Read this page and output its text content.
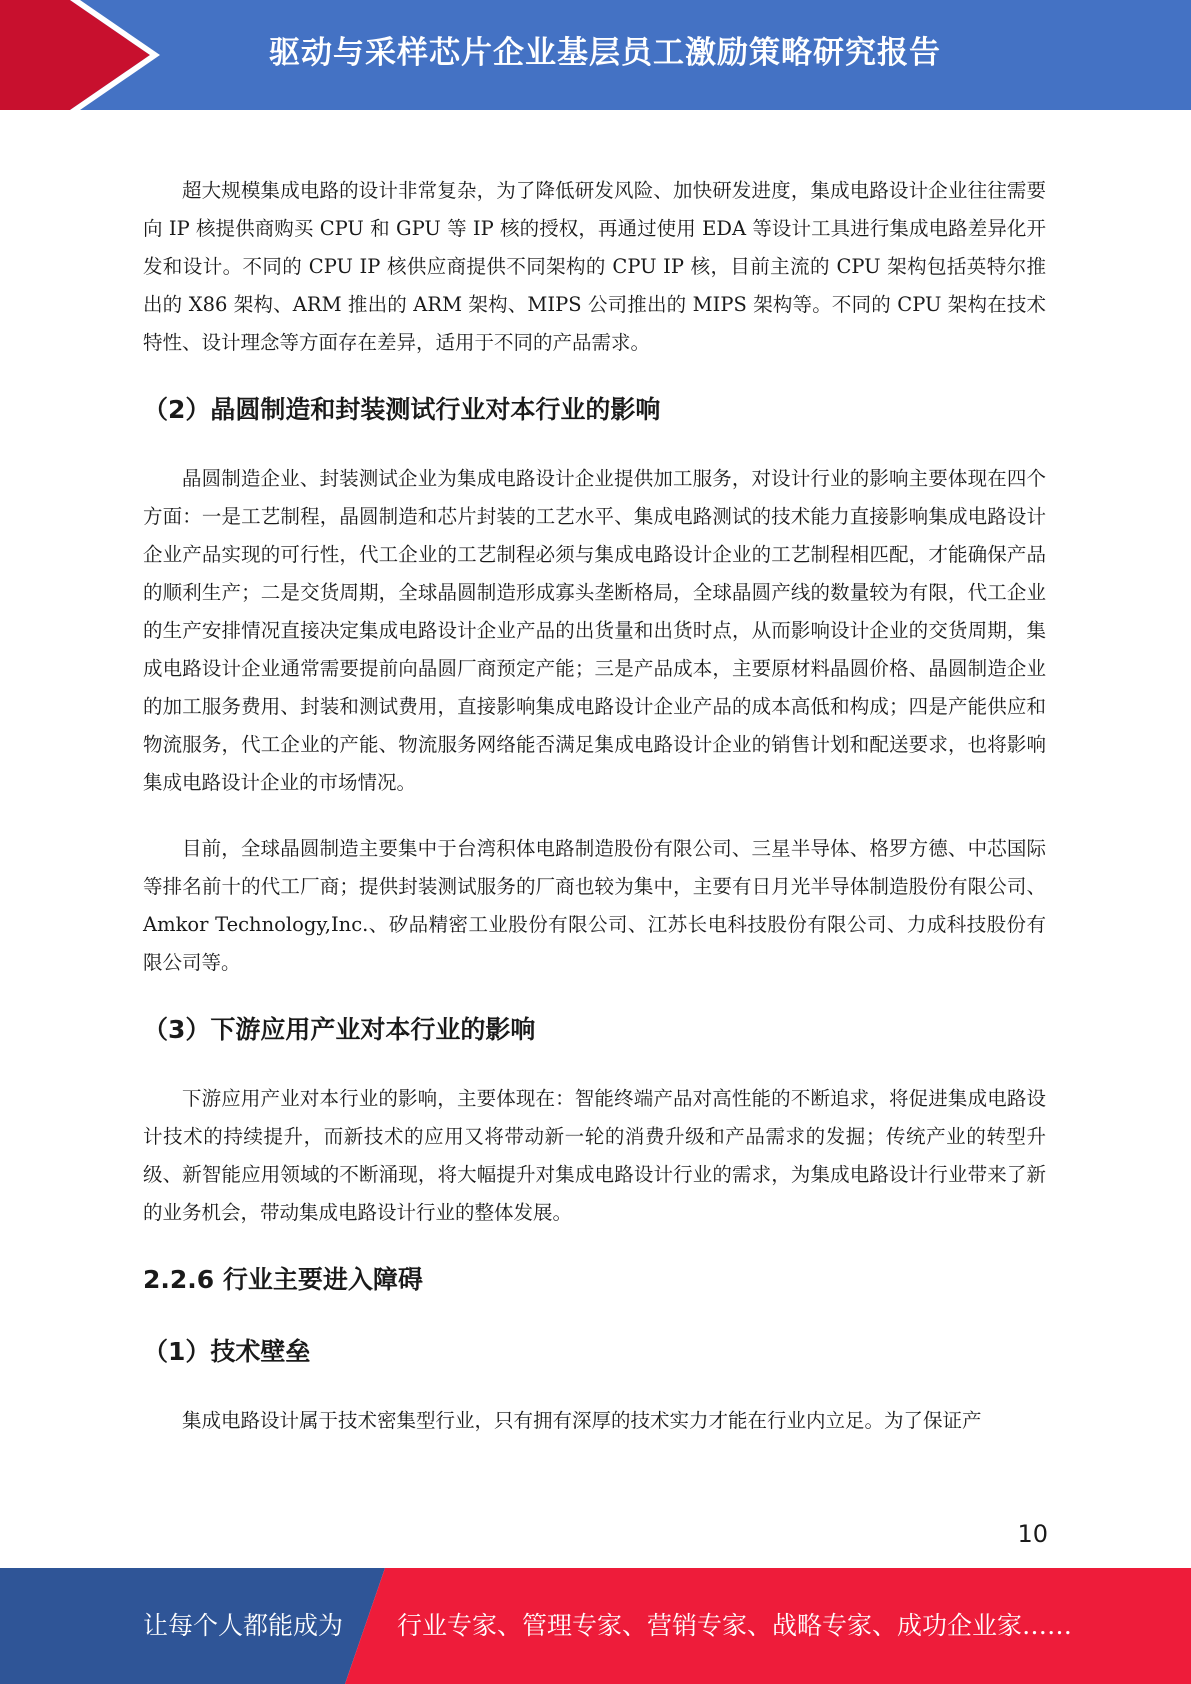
驱动与采样芯片企业基层员工激励策略研究报告

超大规模集成电路的设计非常复杂，为了降低研发风险、加快研发进度，集成电路设计企业往往需要向 IP 核提供商购买 CPU 和 GPU 等 IP 核的授权，再通过使用 EDA 等设计工具进行集成电路差异化开发和设计。不同的 CPU IP 核供应商提供不同架构的 CPU IP 核，目前主流的 CPU 架构包括英特尔推出的 X86 架构、ARM 推出的 ARM 架构、MIPS 公司推出的 MIPS 架构等。不同的 CPU 架构在技术特性、设计理念等方面存在差异，适用于不同的产品需求。

（2）晶圆制造和封装测试行业对本行业的影响

晶圆制造企业、封装测试企业为集成电路设计企业提供加工服务，对设计行业的影响主要体现在四个方面：一是工艺制程，晶圆制造和芯片封装的工艺水平、集成电路测试的技术能力直接影响集成电路设计企业产品实现的可行性，代工企业的工艺制程必须与集成电路设计企业的工艺制程相匹配，才能确保产品的顺利生产；二是交货周期，全球晶圆制造形成寡头垄断格局，全球晶圆产线的数量较为有限，代工企业的生产安排情况直接决定集成电路设计企业产品的出货量和出货时点，从而影响设计企业的交货周期，集成电路设计企业通常需要提前向晶圆厂商预定产能；三是产品成本，主要原材料晶圆价格、晶圆制造企业的加工服务费用、封装和测试费用，直接影响集成电路设计企业产品的成本高低和构成；四是产能供应和物流服务，代工企业的产能、物流服务网络能否满足集成电路设计企业的销售计划和配送要求，也将影响集成电路设计企业的市场情况。

目前，全球晶圆制造主要集中于台湾积体电路制造股份有限公司、三星半导体、格罗方德、中芯国际等排名前十的代工厂商；提供封装测试服务的厂商也较为集中，主要有日月光半导体制造股份有限公司、Amkor Technology,Inc.、矽品精密工业股份有限公司、江苏长电科技股份有限公司、力成科技股份有限公司等。

（3）下游应用产业对本行业的影响

下游应用产业对本行业的影响，主要体现在：智能终端产品对高性能的不断追求，将促进集成电路设计技术的持续提升，而新技术的应用又将带动新一轮的消费升级和产品需求的发掘；传统产业的转型升级、新智能应用领域的不断涌现，将大幅提升对集成电路设计行业的需求，为集成电路设计行业带来了新的业务机会，带动集成电路设计行业的整体发展。

2.2.6 行业主要进入障碍
（1）技术壁垒

集成电路设计属于技术密集型行业，只有拥有深厚的技术实力才能在行业内立足。为了保证产

10
让每个人都能成为 行业专家、管理专家、营销专家、战略专家、成功企业家……
